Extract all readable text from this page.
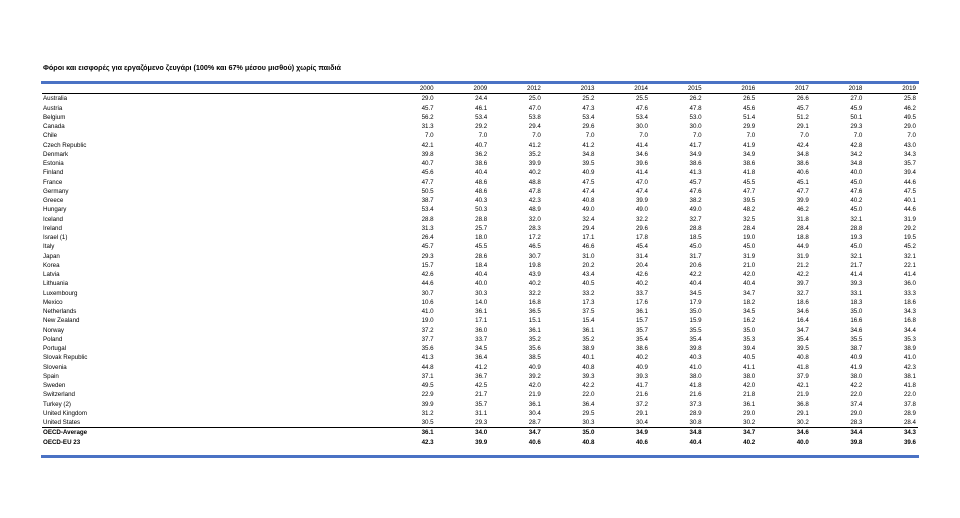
Φόροι και εισφορές για εργαζόμενο ζευγάρι (100% και 67% μέσου μισθού) χωρίς παιδιά
	2000	2009	2012	2013	2014	2015	2016	2017	2018	2019
Australia	29.0	24.4	25.0	25.2	25.5	26.2	26.5	26.6	27.0	25.8
Austria	45.7	46.1	47.0	47.3	47.6	47.8	45.6	45.7	45.9	46.2
Belgium	56.2	53.4	53.8	53.4	53.4	53.0	51.4	51.2	50.1	49.5
Canada	31.3	29.2	29.4	29.6	30.0	30.0	29.9	29.1	29.3	29.0
Chile	7.0	7.0	7.0	7.0	7.0	7.0	7.0	7.0	7.0	7.0
Czech Republic	42.1	40.7	41.2	41.2	41.4	41.7	41.9	42.4	42.8	43.0
Denmark	39.8	36.2	35.2	34.8	34.6	34.9	34.9	34.8	34.2	34.3
Estonia	40.7	38.6	39.9	39.5	39.6	38.6	38.6	38.6	34.8	35.7
Finland	45.6	40.4	40.2	40.9	41.4	41.3	41.8	40.6	40.0	39.4
France	47.7	48.6	48.8	47.5	47.0	45.7	45.5	45.1	45.0	44.6
Germany	50.5	48.6	47.8	47.4	47.4	47.6	47.7	47.7	47.6	47.5
Greece	38.7	40.3	42.3	40.8	39.9	38.2	39.5	39.9	40.2	40.1
Hungary	53.4	50.3	48.9	49.0	49.0	49.0	48.2	46.2	45.0	44.6
Iceland	28.8	28.8	32.0	32.4	32.2	32.7	32.5	31.8	32.1	31.9
Ireland	31.3	25.7	28.3	29.4	29.6	28.8	28.4	28.4	28.8	29.2
Israel (1)	26.4	18.0	17.2	17.1	17.8	18.5	19.0	18.8	19.3	19.5
Italy	45.7	45.5	46.5	46.6	45.4	45.0	45.0	44.9	45.0	45.2
Japan	29.3	28.6	30.7	31.0	31.4	31.7	31.9	31.9	32.1	32.1
Korea	15.7	18.4	19.8	20.2	20.4	20.6	21.0	21.2	21.7	22.1
Latvia	42.6	40.4	43.9	43.4	42.6	42.2	42.0	42.2	41.4	41.4
Lithuania	44.6	40.0	40.2	40.5	40.2	40.4	40.4	39.7	39.3	36.0
Luxembourg	30.7	30.3	32.2	33.2	33.7	34.5	34.7	32.7	33.1	33.3
Mexico	10.6	14.0	16.8	17.3	17.6	17.9	18.2	18.6	18.3	18.6
Netherlands	41.0	36.1	36.5	37.5	36.1	35.0	34.5	34.6	35.0	34.3
New Zealand	19.0	17.1	15.1	15.4	15.7	15.9	16.2	16.4	16.6	16.8
Norway	37.2	36.0	36.1	36.1	35.7	35.5	35.0	34.7	34.6	34.4
Poland	37.7	33.7	35.2	35.2	35.4	35.4	35.3	35.4	35.5	35.3
Portugal	35.6	34.5	35.6	38.9	38.6	39.8	39.4	39.5	38.7	38.9
Slovak Republic	41.3	36.4	38.5	40.1	40.2	40.3	40.5	40.8	40.9	41.0
Slovenia	44.8	41.2	40.9	40.8	40.9	41.0	41.1	41.8	41.9	42.3
Spain	37.1	36.7	39.2	39.3	39.3	38.0	38.0	37.9	38.0	38.1
Sweden	49.5	42.5	42.0	42.2	41.7	41.8	42.0	42.1	42.2	41.8
Switzerland	22.9	21.7	21.9	22.0	21.6	21.6	21.8	21.9	22.0	22.0
Turkey (2)	39.9	35.7	36.1	36.4	37.2	37.3	36.1	36.8	37.4	37.8
United Kingdom	31.2	31.1	30.4	29.5	29.1	28.9	29.0	29.1	29.0	28.9
United States	30.5	29.3	28.7	30.3	30.4	30.8	30.2	30.2	28.3	28.4
OECD-Average	36.1	34.0	34.7	35.0	34.9	34.8	34.7	34.6	34.4	34.3
OECD-EU 23	42.3	39.9	40.6	40.8	40.6	40.4	40.2	40.0	39.8	39.6
